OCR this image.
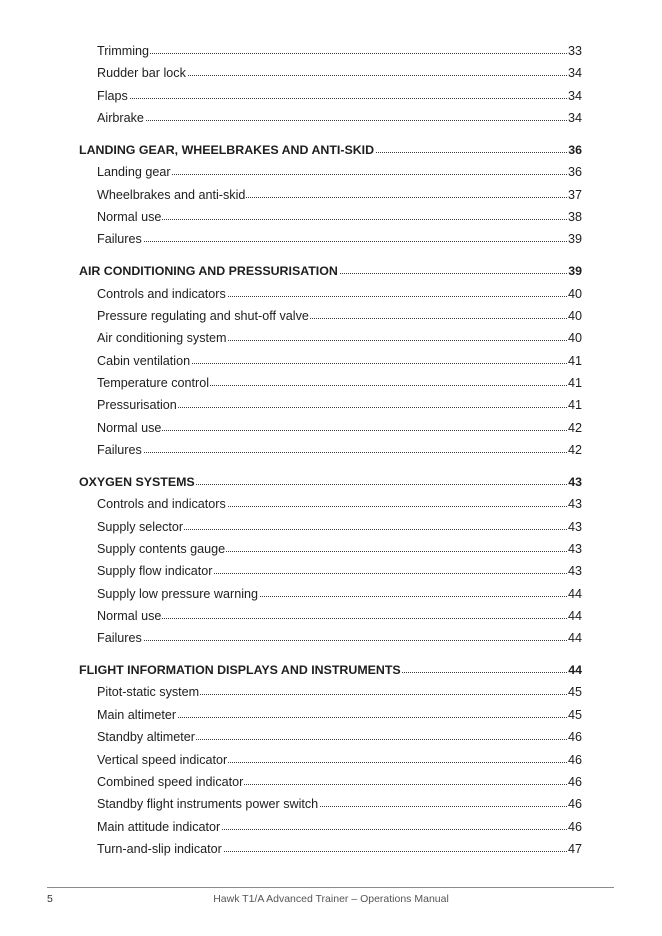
Trimming	33
Rudder bar lock	34
Flaps	34
Airbrake	34
LANDING GEAR, WHEELBRAKES AND ANTI-SKID	36
Landing gear	36
Wheelbrakes and anti-skid	37
Normal use	38
Failures	39
AIR CONDITIONING AND PRESSURISATION	39
Controls and indicators	40
Pressure regulating and shut-off valve	40
Air conditioning system	40
Cabin ventilation	41
Temperature control	41
Pressurisation	41
Normal use	42
Failures	42
OXYGEN SYSTEMS	43
Controls and indicators	43
Supply selector	43
Supply contents gauge	43
Supply flow indicator	43
Supply low pressure warning	44
Normal use	44
Failures	44
FLIGHT INFORMATION DISPLAYS AND INSTRUMENTS	44
Pitot-static system	45
Main altimeter	45
Standby altimeter	46
Vertical speed indicator	46
Combined speed indicator	46
Standby flight instruments power switch	46
Main attitude indicator	46
Turn-and-slip indicator	47
5	Hawk T1/A Advanced Trainer – Operations Manual
